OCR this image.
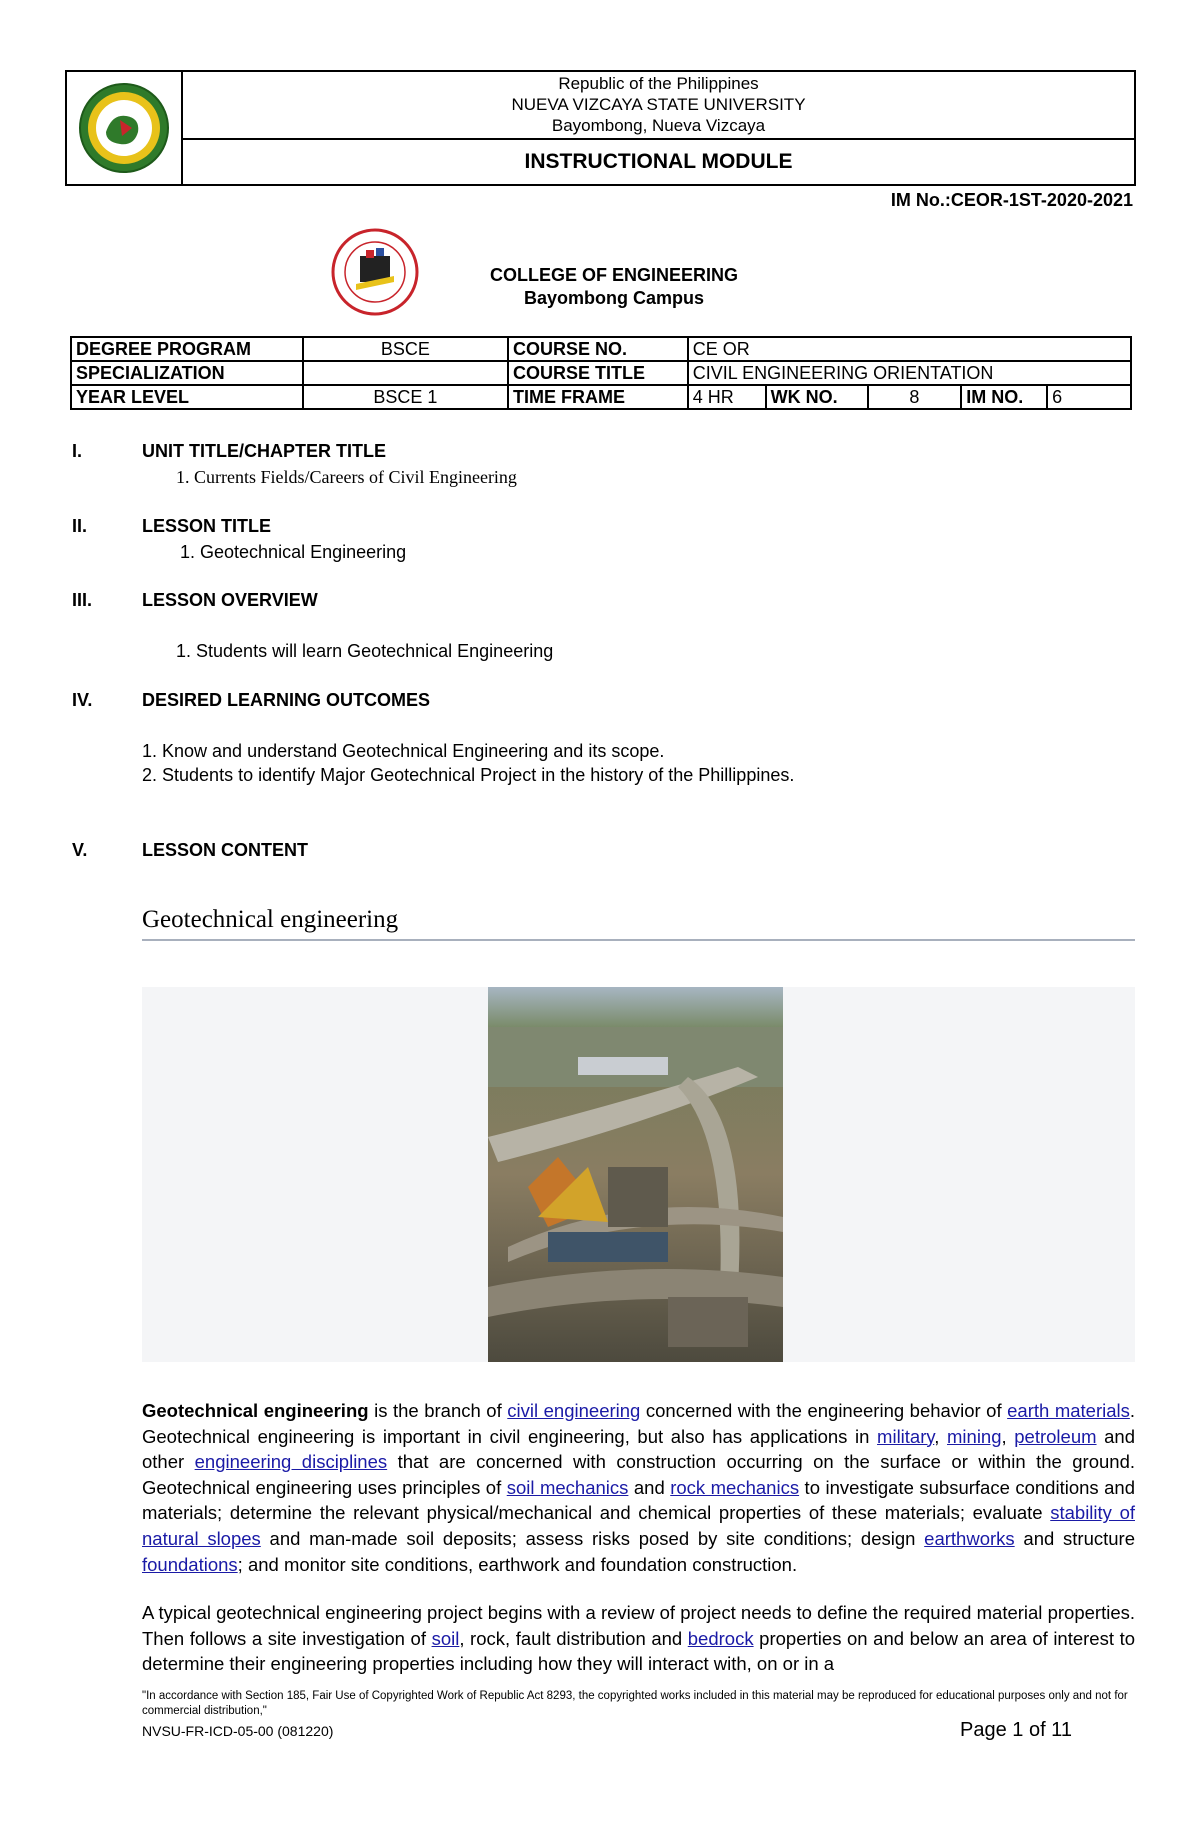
Republic of the Philippines
NUEVA VIZCAYA STATE UNIVERSITY
Bayombong, Nueva Vizcaya
INSTRUCTIONAL MODULE
IM No.:CEOR-1ST-2020-2021
COLLEGE OF ENGINEERING
Bayombong Campus
DEGREE PROGRAM	BSCE	COURSE NO.	CE OR				
SPECIALIZATION		COURSE TITLE	CIVIL ENGINEERING ORIENTATION				
YEAR LEVEL	BSCE 1	TIME FRAME	4 HR	WK NO.	8	IM NO.	6
I.	UNIT TITLE/CHAPTER TITLE
1. Currents Fields/Careers of Civil Engineering
II.	LESSON TITLE
1. Geotechnical Engineering
III.	LESSON OVERVIEW
1. Students will learn Geotechnical Engineering
IV.	DESIRED LEARNING OUTCOMES
1. Know and understand Geotechnical Engineering and its scope.
2. Students to identify Major Geotechnical Project in the history of the Phillippines.
V.	LESSON CONTENT
Geotechnical engineering
Geotechnical engineering is the branch of civil engineering concerned with the engineering behavior of earth materials. Geotechnical engineering is important in civil engineering, but also has applications in military, mining, petroleum and other engineering disciplines that are concerned with construction occurring on the surface or within the ground. Geotechnical engineering uses principles of soil mechanics and rock mechanics to investigate subsurface conditions and materials; determine the relevant physical/mechanical and chemical properties of these materials; evaluate stability of natural slopes and man-made soil deposits; assess risks posed by site conditions; design earthworks and structure foundations; and monitor site conditions, earthwork and foundation construction.
A typical geotechnical engineering project begins with a review of project needs to define the required material properties. Then follows a site investigation of soil, rock, fault distribution and bedrock properties on and below an area of interest to determine their engineering properties including how they will interact with, on or in a
"In accordance with Section 185, Fair Use of Copyrighted Work of Republic Act 8293, the copyrighted works included in this material may be reproduced for educational purposes only and not for commercial distribution,"
NVSU-FR-ICD-05-00 (081220)	Page 1 of 11
